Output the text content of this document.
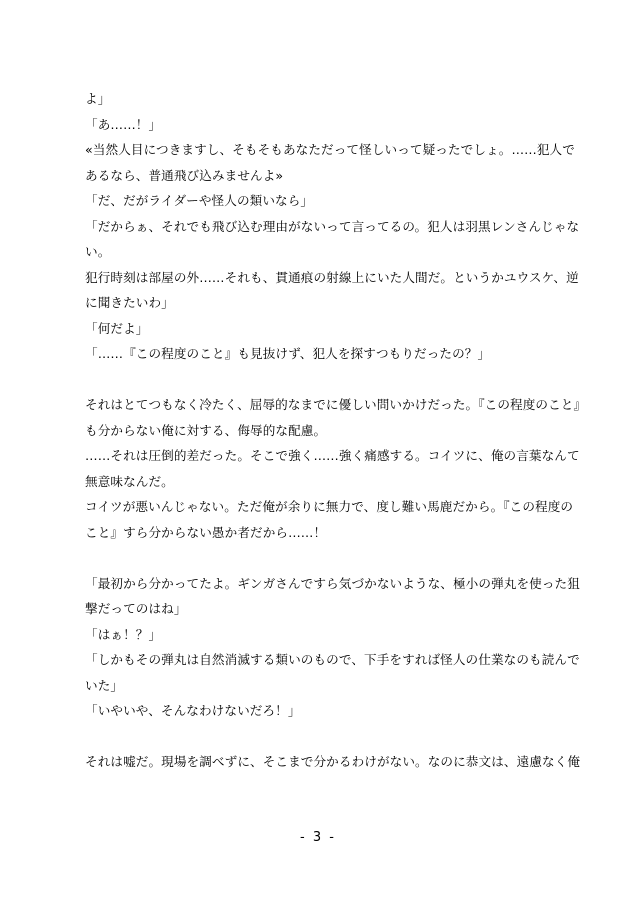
よ」
「あ……！」
«当然人目につきますし、そもそもあなただって怪しいって疑ったでしょ。……犯人で
あるなら、普通飛び込みませんよ»
「だ、だがライダーや怪人の類いなら」
「だからぁ、それでも飛び込む理由がないって言ってるの。犯人は羽黒レンさんじゃな
い。
犯行時刻は部屋の外……それも、貫通痕の射線上にいた人間だ。というかユウスケ、逆
に聞きたいわ」
「何だよ」
「……『この程度のこと』も見抜けず、犯人を探すつもりだったの？」
それはとてつもなく冷たく、屈辱的なまでに優しい問いかけだった。『この程度のこと』
も分からない俺に対する、侮辱的な配慮。
……それは圧倒的差だった。そこで強く……強く痛感する。コイツに、俺の言葉なんて
無意味なんだ。
コイツが悪いんじゃない。ただ俺が余りに無力で、度し難い馬鹿だから。『この程度の
こと』すら分からない愚か者だから……！
「最初から分かってたよ。ギンガさんですら気づかないような、極小の弾丸を使った狙
撃だってのはね」
「はぁ！？」
「しかもその弾丸は自然消滅する類いのもので、下手をすれば怪人の仕業なのも読んで
いた」
「いやいや、そんなわけないだろ！」
それは嘘だ。現場を調べずに、そこまで分かるわけがない。なのに恭文は、遠慮なく俺
- 3 -
